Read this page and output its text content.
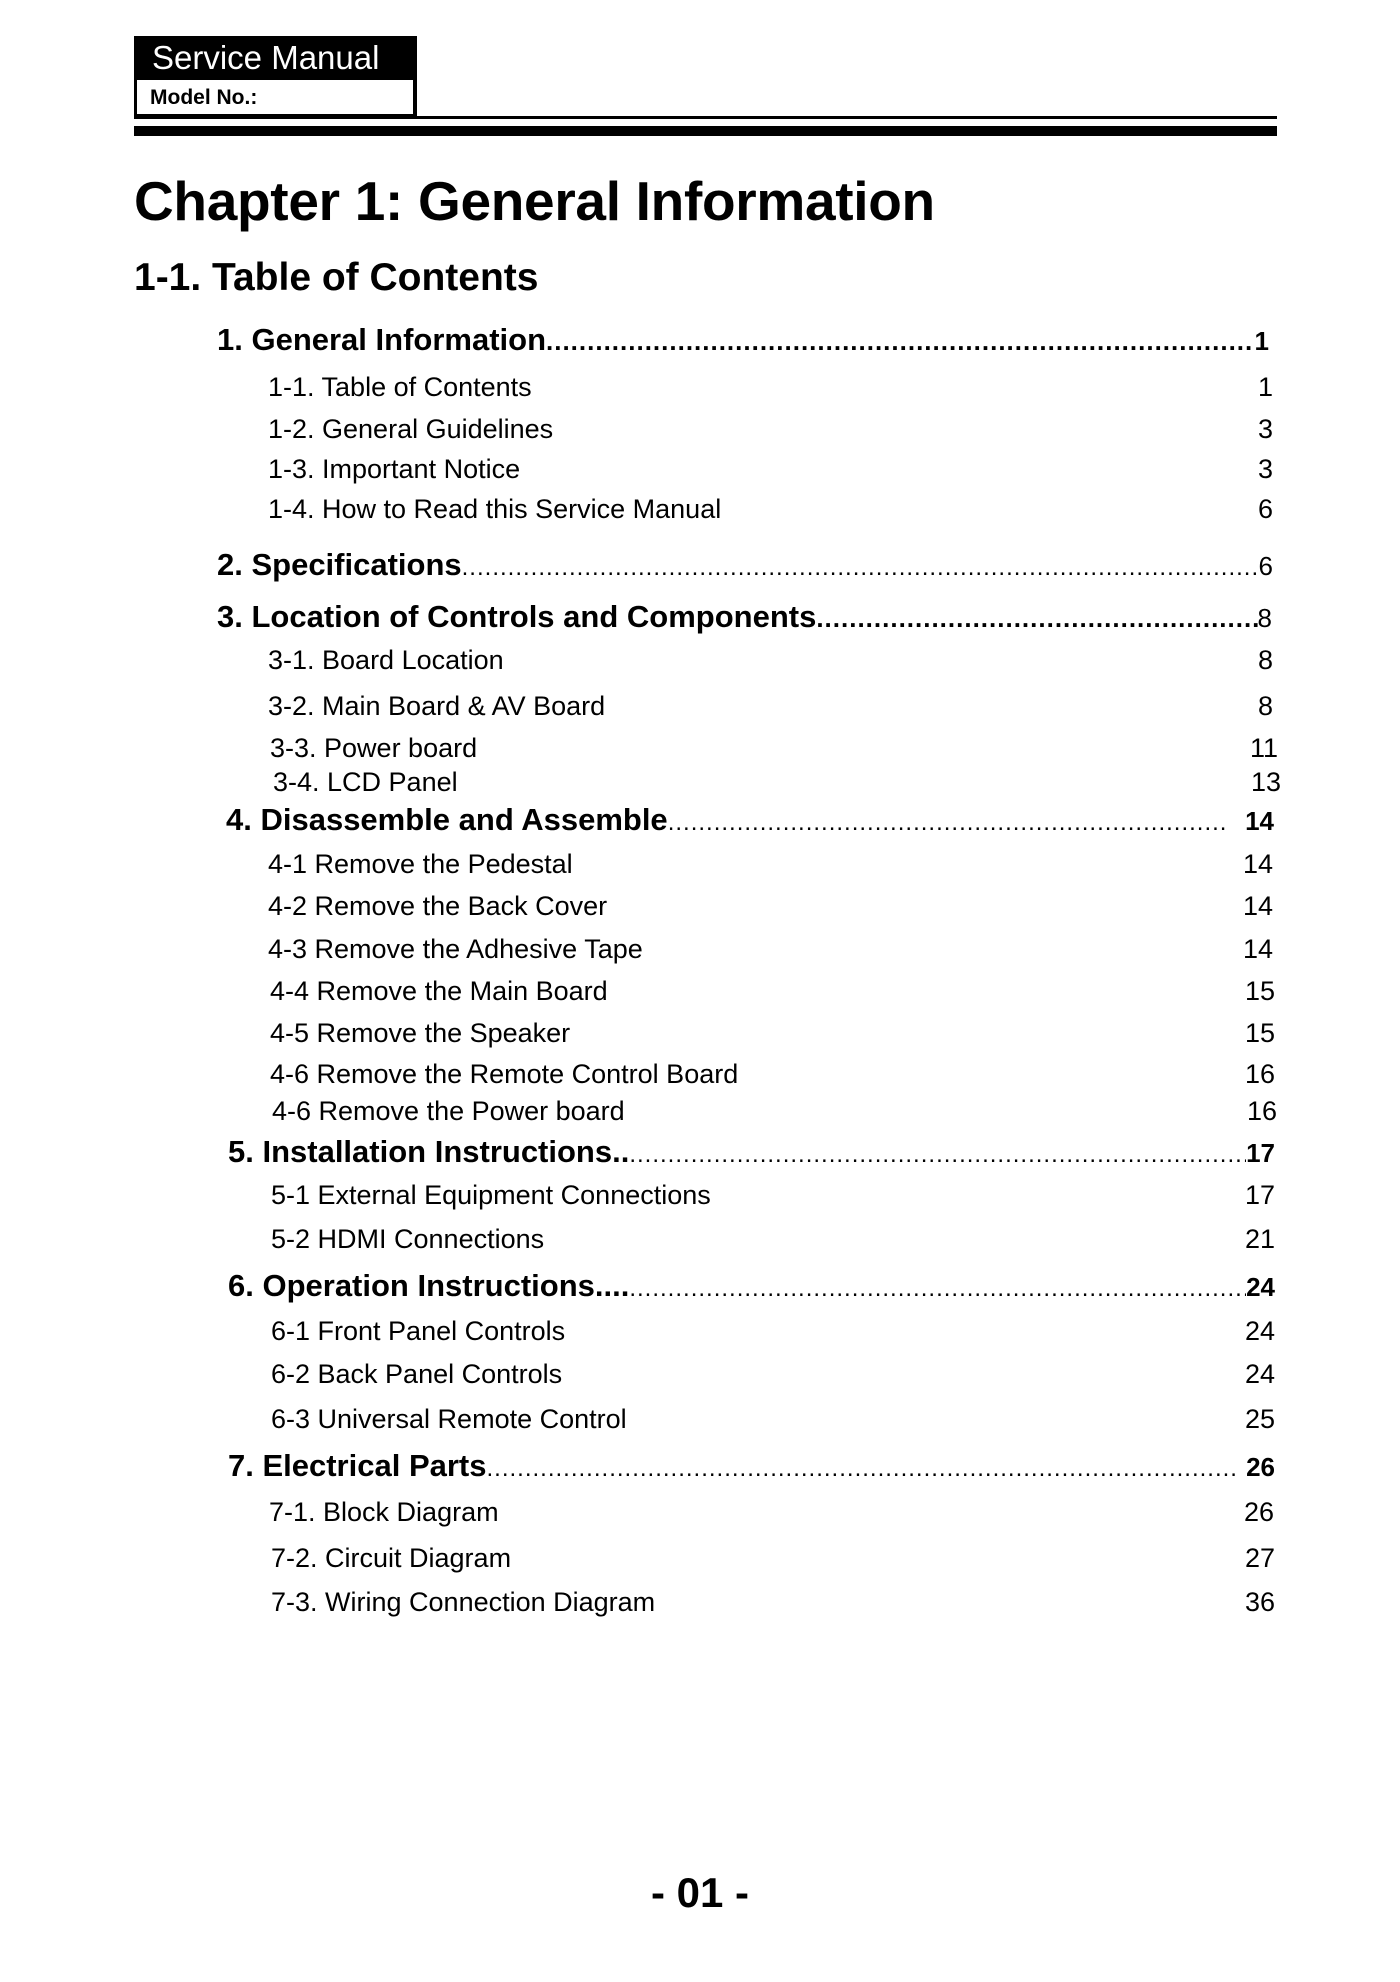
Service Manual
Model No.:
Chapter 1: General Information
1-1. Table of Contents
1. General Information .....	1
1-1. Table of Contents	1
1-2. General Guidelines	3
1-3. Important Notice	3
1-4. How to Read this Service Manual	6
2. Specifications .....	6
3. Location of Controls and Components .....	8
3-1. Board Location	8
3-2. Main Board & AV Board	8
3-3. Power board	11
3-4. LCD Panel	13
4. Disassemble and Assemble .....	14
4-1 Remove the Pedestal	14
4-2 Remove the Back Cover	14
4-3 Remove the Adhesive Tape	14
4-4 Remove the Main Board	15
4-5 Remove the Speaker	15
4-6 Remove the Remote Control Board	16
4-6 Remove the Power board	16
5. Installation Instructions.. .....	17
5-1 External Equipment Connections	17
5-2 HDMI Connections	21
6. Operation Instructions.... .....	24
6-1 Front Panel Controls	24
6-2 Back Panel Controls	24
6-3 Universal Remote Control	25
7. Electrical Parts .....	26
7-1. Block Diagram	26
7-2. Circuit Diagram	27
7-3. Wiring Connection Diagram	36
- 01 -
